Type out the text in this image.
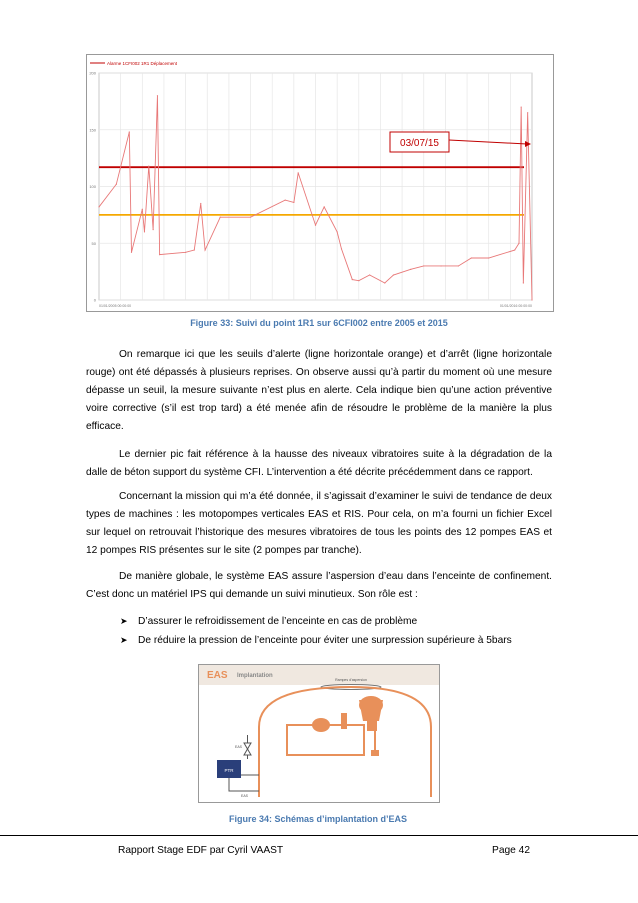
Alarme 1CFI002 1R1 Déplacement
0
50
100
150
200
01/01/2005 00:00:00	01/01/2016 00:00:00
03/07/15
Figure 33: Suivi du point 1R1 sur 6CFI002 entre 2005 et 2015

On remarque ici que les seuils d’alerte (ligne horizontale orange) et d’arrêt (ligne horizontale rouge) ont été dépassés à plusieurs reprises. On observe aussi qu’à partir du moment où une mesure dépasse un seuil, la mesure suivante n’est plus en alerte. Cela indique bien qu’une action préventive voire corrective (s’il est trop tard) a été menée afin de résoudre le problème de la manière la plus efficace.

Le dernier pic fait référence à la hausse des niveaux vibratoires suite à la dégradation de la dalle de béton support du système CFI. L’intervention a été décrite précédemment dans ce rapport.

Concernant la mission qui m’a été donnée, il s’agissait d’examiner le suivi de tendance de deux types de machines : les motopompes verticales EAS et RIS. Pour cela, on m’a fourni un fichier Excel sur lequel on retrouvait l’historique des mesures vibratoires de tous les points des 12 pompes EAS et 12 pompes RIS présentes sur le site (2 pompes par tranche).

De manière globale, le système EAS assure l’aspersion d’eau dans l’enceinte de confinement. C’est donc un matériel IPS qui demande un suivi minutieux. Son rôle est :

➤	D’assurer le refroidissement de l’enceinte en cas de problème
➤	De réduire la pression de l’enceinte pour éviter une surpression supérieure à 5bars
EAS Implantation
Rampes d'aspersion
EAS
PTR
EAS
Figure 34: Schémas d’implantation d’EAS
Rapport Stage EDF par Cyril VAAST	Page 42
